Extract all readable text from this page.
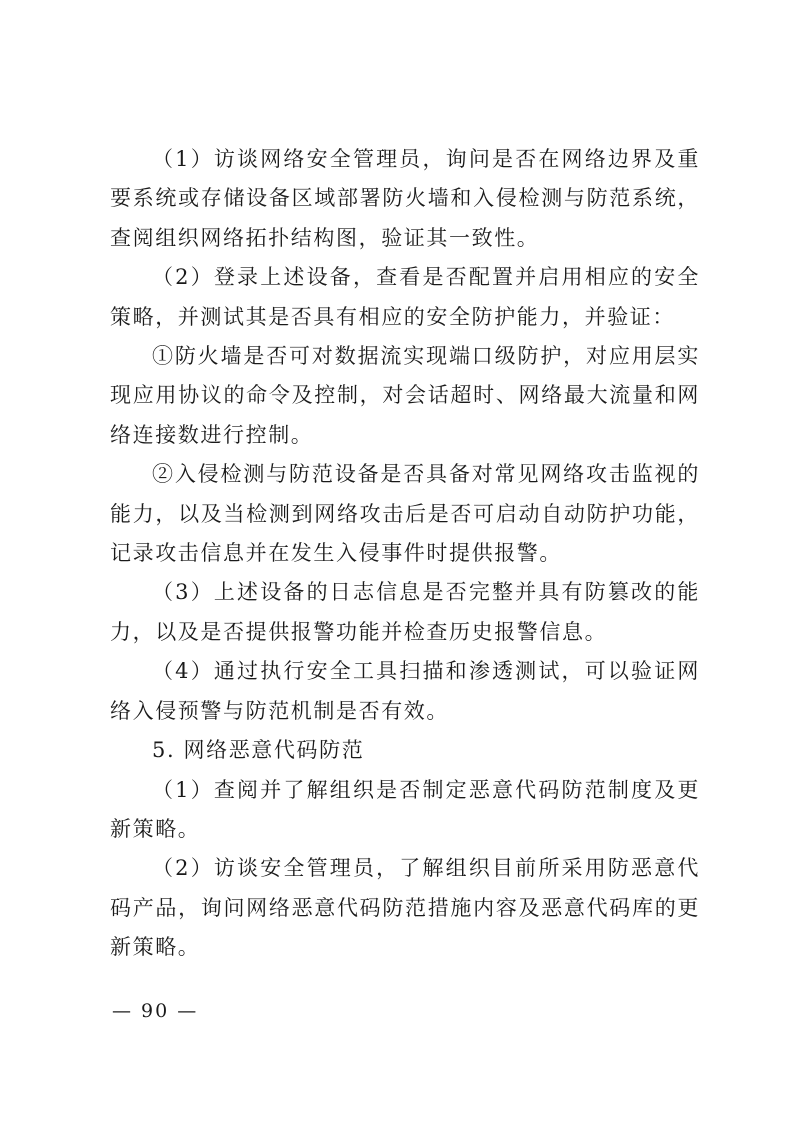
（1）访谈网络安全管理员，询问是否在网络边界及重要系统或存储设备区域部署防火墙和入侵检测与防范系统，查阅组织网络拓扑结构图，验证其一致性。

（2）登录上述设备，查看是否配置并启用相应的安全策略，并测试其是否具有相应的安全防护能力，并验证：

①防火墙是否可对数据流实现端口级防护，对应用层实现应用协议的命令及控制，对会话超时、网络最大流量和网络连接数进行控制。

②入侵检测与防范设备是否具备对常见网络攻击监视的能力，以及当检测到网络攻击后是否可启动自动防护功能，记录攻击信息并在发生入侵事件时提供报警。

（3）上述设备的日志信息是否完整并具有防篡改的能力，以及是否提供报警功能并检查历史报警信息。

（4）通过执行安全工具扫描和渗透测试，可以验证网络入侵预警与防范机制是否有效。

5. 网络恶意代码防范

（1）查阅并了解组织是否制定恶意代码防范制度及更新策略。

（2）访谈安全管理员，了解组织目前所采用防恶意代码产品，询问网络恶意代码防范措施内容及恶意代码库的更新策略。

— 90 —
